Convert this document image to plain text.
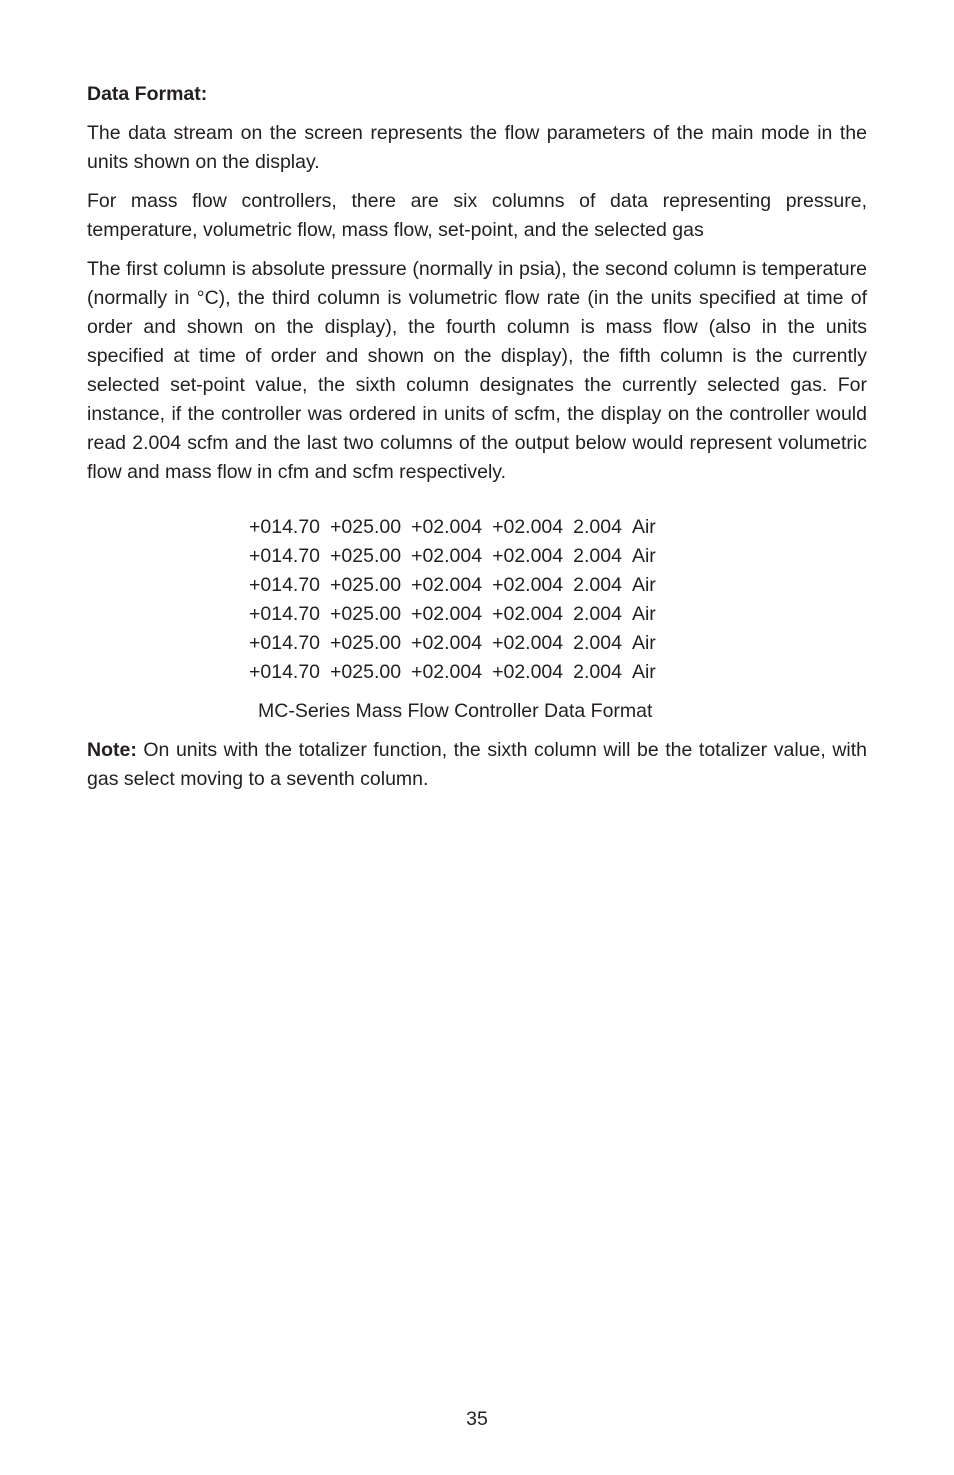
Data Format:

The data stream on the screen represents the flow parameters of the main mode in the units shown on the display.

For mass flow controllers, there are six columns of data representing pressure, temperature, volumetric flow, mass flow, set-point, and the selected gas

The first column is absolute pressure (normally in psia), the second column is temperature (normally in °C), the third column is volumetric flow rate (in the units specified at time of order and shown on the display), the fourth column is mass flow (also in the units specified at time of order and shown on the display), the fifth column is the currently selected set-point value, the sixth column designates the currently selected gas. For instance, if the controller was ordered in units of scfm, the display on the controller would read 2.004 scfm and the last two columns of the output below would represent volumetric flow and mass flow in cfm and scfm respectively.

+014.70	+025.00	+02.004	+02.004	2.004	Air
+014.70	+025.00	+02.004	+02.004	2.004	Air
+014.70	+025.00	+02.004	+02.004	2.004	Air
+014.70	+025.00	+02.004	+02.004	2.004	Air
+014.70	+025.00	+02.004	+02.004	2.004	Air
+014.70	+025.00	+02.004	+02.004	2.004	Air
MC-Series Mass Flow Controller Data Format

Note: On units with the totalizer function, the sixth column will be the totalizer value, with gas select moving to a seventh column.

35
